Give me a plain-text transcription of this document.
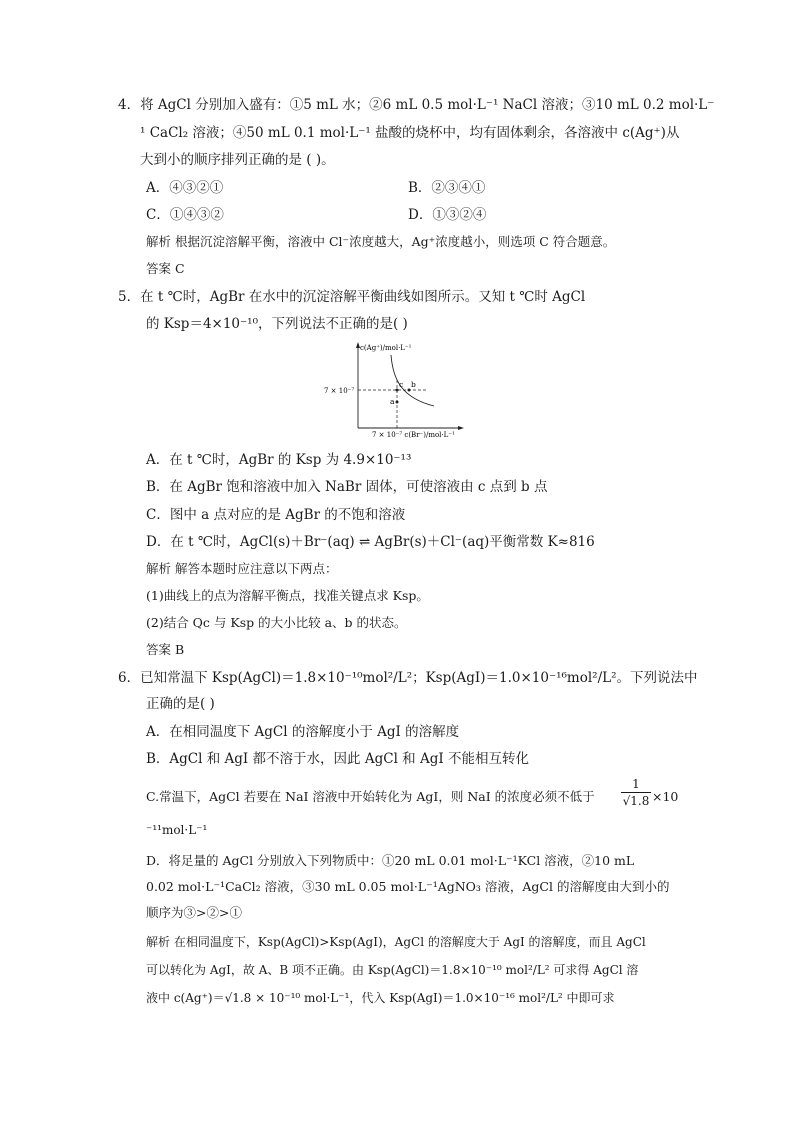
4．将 AgCl 分别加入盛有：①5 mL 水；②6 mL 0.5 mol·L⁻¹ NaCl 溶液；③10 mL 0.2 mol·L⁻
¹ CaCl₂ 溶液；④50 mL 0.1 mol·L⁻¹ 盐酸的烧杯中，均有固体剩余，各溶液中 c(Ag⁺)从
大到小的顺序排列正确的是 ( )。
A．④③②①	B．②③④①
C．①④③②	D．①③②④
解析 根据沉淀溶解平衡，溶液中 Cl⁻浓度越大，Ag⁺浓度越小，则选项 C 符合题意。
答案 C
5．在 t ℃时，AgBr 在水中的沉淀溶解平衡曲线如图所示。又知 t ℃时 AgCl
的 Ksp＝4×10⁻¹⁰，下列说法不正确的是( )
c(Ag⁺)/mol·L⁻¹
7 × 10⁻⁷
7 × 10⁻⁷ c(Br⁻)/mol·L⁻¹
c b
a
A．在 t ℃时，AgBr 的 Ksp 为 4.9×10⁻¹³
B．在 AgBr 饱和溶液中加入 NaBr 固体，可使溶液由 c 点到 b 点
C．图中 a 点对应的是 AgBr 的不饱和溶液
D．在 t ℃时，AgCl(s)＋Br⁻(aq) ⇌ AgBr(s)＋Cl⁻(aq)平衡常数 K≈816
解析 解答本题时应注意以下两点：
(1)曲线上的点为溶解平衡点，找准关键点求 Ksp。
(2)结合 Qc 与 Ksp 的大小比较 a、b 的状态。
答案 B
6．已知常温下 Ksp(AgCl)＝1.8×10⁻¹⁰mol²/L²；Ksp(AgI)＝1.0×10⁻¹⁶mol²/L²。下列说法中
正确的是( )
A．在相同温度下 AgCl 的溶解度小于 AgI 的溶解度
B．AgCl 和 AgI 都不溶于水，因此 AgCl 和 AgI 不能相互转化
C.常温下，AgCl 若要在 NaI 溶液中开始转化为 AgI，则 NaI 的浓度必须不低于 $\frac{1}{√1.8} \times 10$
⁻¹¹mol·L⁻¹
D．将足量的 AgCl 分别放入下列物质中：①20 mL 0.01 mol·L⁻¹KCl 溶液，②10 mL
0.02 mol·L⁻¹CaCl₂ 溶液，③30 mL 0.05 mol·L⁻¹AgNO₃ 溶液，AgCl 的溶解度由大到小的
顺序为③>②>①
解析 在相同温度下，Ksp(AgCl)>Ksp(AgI)，AgCl 的溶解度大于 AgI 的溶解度，而且 AgCl
可以转化为 AgI，故 A、B 项不正确。由 Ksp(AgCl)＝1.8×10⁻¹⁰ mol²/L² 可求得 AgCl 溶
液中 c(Ag⁺)＝√1.8 × 10⁻¹⁰ mol·L⁻¹，代入 Ksp(AgI)＝1.0×10⁻¹⁶ mol²/L² 中即可求
